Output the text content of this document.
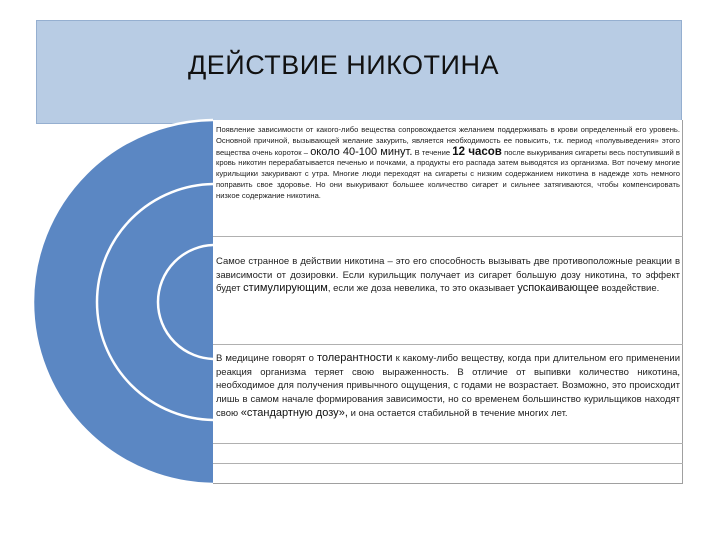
ДЕЙСТВИЕ НИКОТИНА

Появление зависимости от какого-либо вещества сопровождается желанием поддерживать в крови определенный его уровень. Основной причиной, вызывающей желание закурить, является необходимость ее повысить, т.к. период «полувыведения» этого вещества очень короток – около 40-100 минут. В течение 12 часов после выкуривания сигареты весь поступивший в кровь никотин перерабатывается печенью и почками, а продукты его распада затем выводятся из организма. Вот почему многие курильщики закуривают с утра. Многие люди переходят на сигареты с низким содержанием никотина в надежде хоть немного поправить свое здоровье. Но они выкуривают большее количество сигарет и сильнее затягиваются, чтобы компенсировать низкое содержание никотина.

Самое странное в действии никотина – это его способность вызывать две противоположные реакции в зависимости от дозировки. Если курильщик получает из сигарет большую дозу никотина, то эффект будет стимулирующим, если же доза невелика, то это оказывает успокаивающее воздействие.

В медицине говорят о толерантности к какому-либо веществу, когда при длительном его применении реакция организма теряет свою выраженность. В отличие от выпивки количество никотина, необходимое для получения привычного ощущения, с годами не возрастает. Возможно, это происходит лишь в самом начале формирования зависимости, но со временем большинство курильщиков находят свою «стандартную дозу», и она остается стабильной в течение многих лет.
